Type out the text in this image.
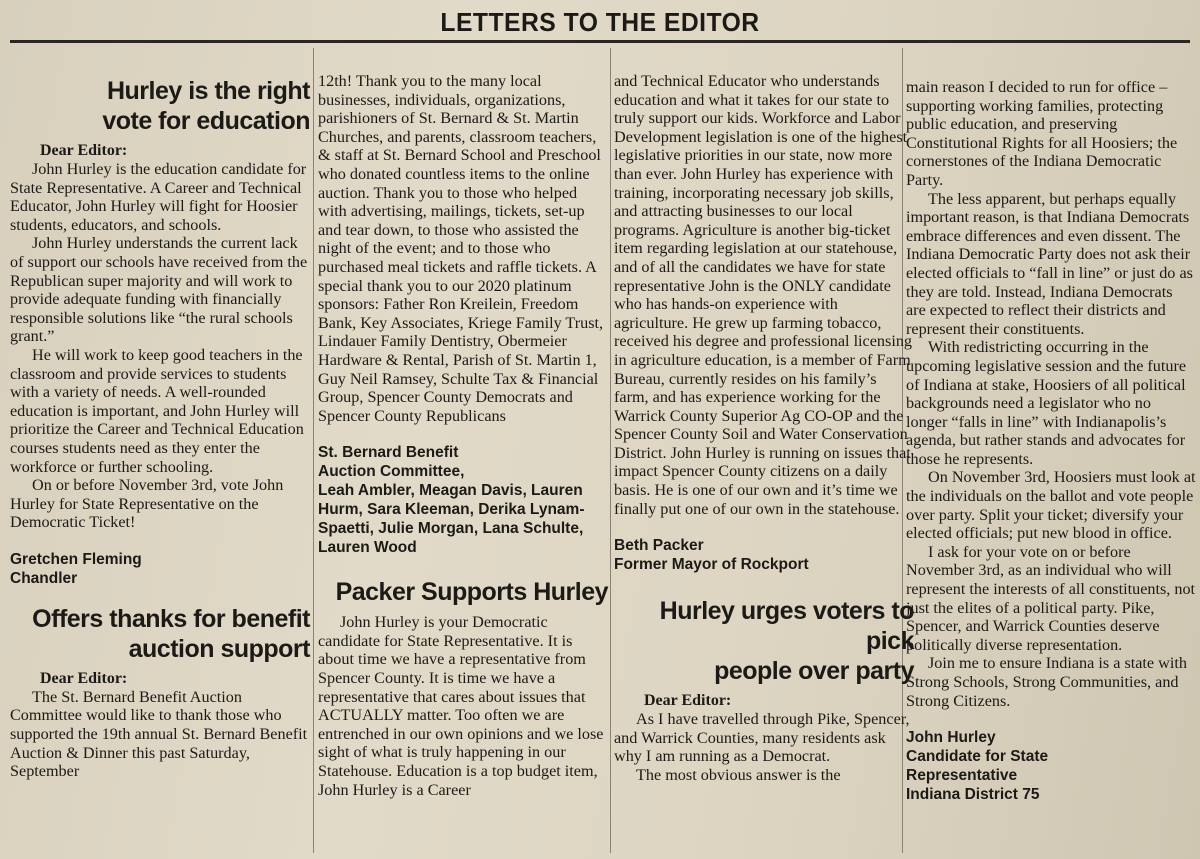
LETTERS TO THE EDITOR
Hurley is the right
vote for education
Dear Editor:

John Hurley is the education candidate for State Representative. A Career and Technical Educator, John Hurley will fight for Hoosier students, educators, and schools.

John Hurley understands the current lack of support our schools have received from the Republican super majority and will work to provide adequate funding with financially responsible solutions like “the rural schools grant.”

He will work to keep good teachers in the classroom and provide services to students with a variety of needs. A well-rounded education is important, and John Hurley will prioritize the Career and Technical Education courses students need as they enter the workforce or further schooling.

On or before November 3rd, vote John Hurley for State Representative on the Democratic Ticket!

Gretchen Fleming

Chandler

Offers thanks for benefit
auction support
Dear Editor:

The St. Bernard Benefit Auction Committee would like to thank those who supported the 19th annual St. Bernard Benefit Auction & Dinner this past Saturday, September

12th! Thank you to the many local businesses, individuals, organizations, parishioners of St. Bernard & St. Martin Churches, and parents, classroom teachers, & staff at St. Bernard School and Preschool who donated countless items to the online auction. Thank you to those who helped with advertising, mailings, tickets, set-up and tear down, to those who assisted the night of the event; and to those who purchased meal tickets and raffle tickets. A special thank you to our 2020 platinum sponsors: Father Ron Kreilein, Freedom Bank, Key Associates, Kriege Family Trust, Lindauer Family Dentistry, Obermeier Hardware & Rental, Parish of St. Martin 1, Guy Neil Ramsey, Schulte Tax & Financial Group, Spencer County Democrats and Spencer County Republicans

St. Bernard Benefit

Auction Committee,

Leah Ambler, Meagan Davis, Lauren Hurm, Sara Kleeman, Derika Lynam-Spaetti, Julie Morgan, Lana Schulte, Lauren Wood

Packer Supports Hurley

John Hurley is your Democratic candidate for State Representative. It is about time we have a representative from Spencer County. It is time we have a representative that cares about issues that ACTUALLY matter. Too often we are entrenched in our own opinions and we lose sight of what is truly happening in our Statehouse. Education is a top budget item, John Hurley is a Career

and Technical Educator who understands education and what it takes for our state to truly support our kids. Workforce and Labor Development legislation is one of the highest legislative priorities in our state, now more than ever. John Hurley has experience with training, incorporating necessary job skills, and attracting businesses to our local programs. Agriculture is another big-ticket item regarding legislation at our statehouse, and of all the candidates we have for state representative John is the ONLY candidate who has hands-on experience with agriculture. He grew up farming tobacco, received his degree and professional licensing in agriculture education, is a member of Farm Bureau, currently resides on his family’s farm, and has experience working for the Warrick County Superior Ag CO-OP and the Spencer County Soil and Water Conservation District. John Hurley is running on issues that impact Spencer County citizens on a daily basis. He is one of our own and it’s time we finally put one of our own in the statehouse.

Beth Packer

Former Mayor of Rockport

Hurley urges voters to pick
people over party
Dear Editor:

As I have travelled through Pike, Spencer, and Warrick Counties, many residents ask why I am running as a Democrat.

The most obvious answer is the

main reason I decided to run for office – supporting working families, protecting public education, and preserving Constitutional Rights for all Hoosiers; the cornerstones of the Indiana Democratic Party.

The less apparent, but perhaps equally important reason, is that Indiana Democrats embrace differences and even dissent. The Indiana Democratic Party does not ask their elected officials to “fall in line” or just do as they are told. Instead, Indiana Democrats are expected to reflect their districts and represent their constituents.

With redistricting occurring in the upcoming legislative session and the future of Indiana at stake, Hoosiers of all political backgrounds need a legislator who no longer “falls in line” with Indianapolis’s agenda, but rather stands and advocates for those he represents.

On November 3rd, Hoosiers must look at the individuals on the ballot and vote people over party. Split your ticket; diversify your elected officials; put new blood in office.

I ask for your vote on or before November 3rd, as an individual who will represent the interests of all constituents, not just the elites of a political party. Pike, Spencer, and Warrick Counties deserve politically diverse representation.

Join me to ensure Indiana is a state with Strong Schools, Strong Communities, and Strong Citizens.

John Hurley

Candidate for State

Representative

Indiana District 75
